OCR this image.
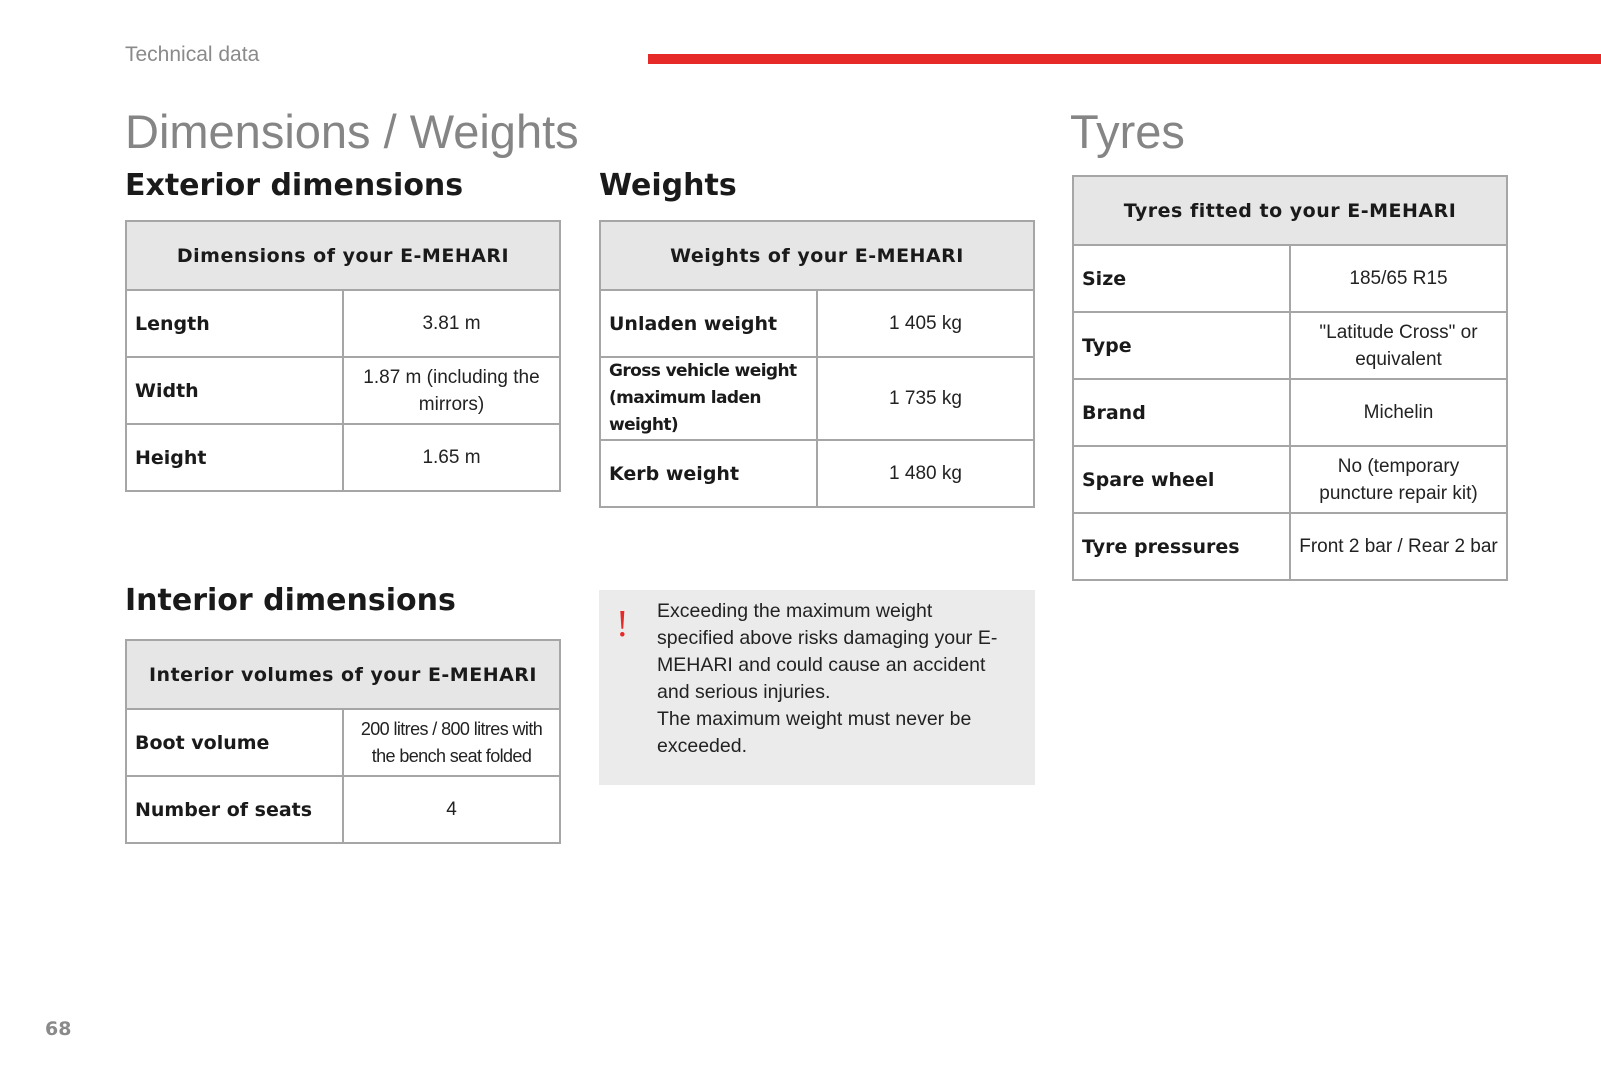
Technical data
Dimensions / Weights	Tyres
Exterior dimensions
Dimensions of your E-MEHARI	
Length	3.81 m
Width	1.87 m (including the mirrors)
Height	1.65 m
Weights
Weights of your E-MEHARI	
Unladen weight	1 405 kg
Gross vehicle weight (maximum laden weight)	1 735 kg
Kerb weight	1 480 kg
Interior dimensions
Interior volumes of your E-MEHARI	
Boot volume	200 litres / 800 litres with the bench seat folded
Number of seats	4
! Exceeding the maximum weight specified above risks damaging your E-MEHARI and could cause an accident and serious injuries.

The maximum weight must never be exceeded.

Tyres fitted to your E-MEHARI	
Size	185/65 R15
Type	"Latitude Cross" or equivalent
Brand	Michelin
Spare wheel	No (temporary puncture repair kit)
Tyre pressures	Front 2 bar / Rear 2 bar
68
